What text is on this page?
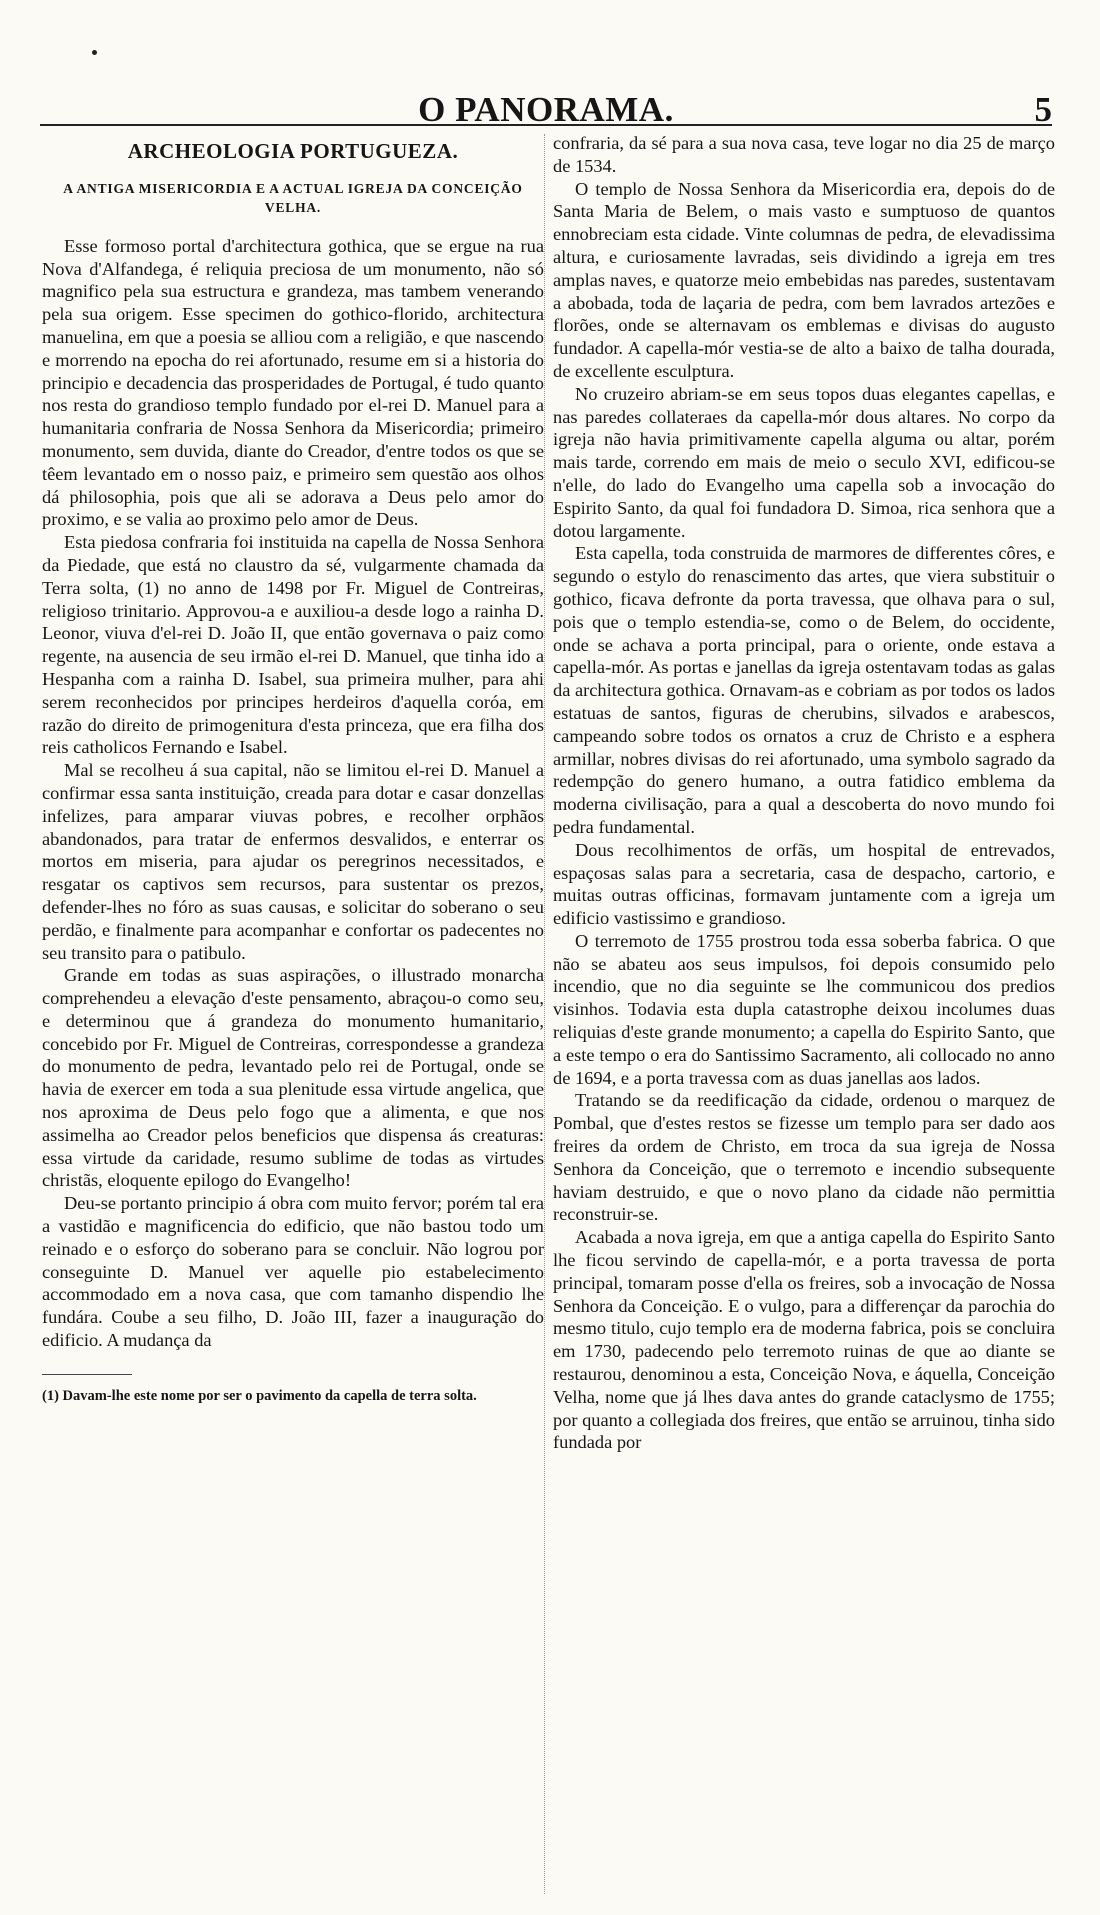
O PANORAMA.	5
ARCHEOLOGIA PORTUGUEZA.
A ANTIGA MISERICORDIA E A ACTUAL IGREJA DA CONCEIÇÃO VELHA.

Esse formoso portal d'architectura gothica, que se ergue na rua Nova d'Alfandega, é reliquia preciosa de um monumento, não só magnifico pela sua estructura e grandeza, mas tambem venerando pela sua origem. Esse specimen do gothico-florido, architectura manuelina, em que a poesia se alliou com a religião, e que nascendo e morrendo na epocha do rei afortunado, resume em si a historia do principio e decadencia das prosperidades de Portugal, é tudo quanto nos resta do grandioso templo fundado por el-rei D. Manuel para a humanitaria confraria de Nossa Senhora da Misericordia; primeiro monumento, sem duvida, diante do Creador, d'entre todos os que se têem levantado em o nosso paiz, e primeiro sem questão aos olhos dá philosophia, pois que ali se adorava a Deus pelo amor do proximo, e se valia ao proximo pelo amor de Deus.

Esta piedosa confraria foi instituida na capella de Nossa Senhora da Piedade, que está no claustro da sé, vulgarmente chamada da Terra solta, (1) no anno de 1498 por Fr. Miguel de Contreiras, religioso trinitario. Approvou-a e auxiliou-a desde logo a rainha D. Leonor, viuva d'el-rei D. João II, que então governava o paiz como regente, na ausencia de seu irmão el-rei D. Manuel, que tinha ido a Hespanha com a rainha D. Isabel, sua primeira mulher, para ahi serem reconhecidos por principes herdeiros d'aquella coróa, em razão do direito de primogenitura d'esta princeza, que era filha dos reis catholicos Fernando e Isabel.

Mal se recolheu á sua capital, não se limitou el-rei D. Manuel a confirmar essa santa instituição, creada para dotar e casar donzellas infelizes, para amparar viuvas pobres, e recolher orphãos abandonados, para tratar de enfermos desvalidos, e enterrar os mortos em miseria, para ajudar os peregrinos necessitados, e resgatar os captivos sem recursos, para sustentar os prezos, defender-lhes no fóro as suas causas, e solicitar do soberano o seu perdão, e finalmente para acompanhar e confortar os padecentes no seu transito para o patibulo.

Grande em todas as suas aspirações, o illustrado monarcha comprehendeu a elevação d'este pensamento, abraçou-o como seu, e determinou que á grandeza do monumento humanitario, concebido por Fr. Miguel de Contreiras, correspondesse a grandeza do monumento de pedra, levantado pelo rei de Portugal, onde se havia de exercer em toda a sua plenitude essa virtude angelica, que nos aproxima de Deus pelo fogo que a alimenta, e que nos assimelha ao Creador pelos beneficios que dispensa ás creaturas: essa virtude da caridade, resumo sublime de todas as virtudes christãs, eloquente epilogo do Evangelho!

Deu-se portanto principio á obra com muito fervor; porém tal era a vastidão e magnificencia do edificio, que não bastou todo um reinado e o esforço do soberano para se concluir. Não logrou por conseguinte D. Manuel ver aquelle pio estabelecimento accommodado em a nova casa, que com tamanho dispendio lhe fundára. Coube a seu filho, D. João III, fazer a inauguração do edificio. A mudança da

(1) Davam-lhe este nome por ser o pavimento da capella de terra solta.

confraria, da sé para a sua nova casa, teve logar no dia 25 de março de 1534.

O templo de Nossa Senhora da Misericordia era, depois do de Santa Maria de Belem, o mais vasto e sumptuoso de quantos ennobreciam esta cidade. Vinte columnas de pedra, de elevadissima altura, e curiosamente lavradas, seis dividindo a igreja em tres amplas naves, e quatorze meio embebidas nas paredes, sustentavam a abobada, toda de laçaria de pedra, com bem lavrados artezões e florões, onde se alternavam os emblemas e divisas do augusto fundador. A capella-mór vestia-se de alto a baixo de talha dourada, de excellente esculptura.

No cruzeiro abriam-se em seus topos duas elegantes capellas, e nas paredes collateraes da capella-mór dous altares. No corpo da igreja não havia primitivamente capella alguma ou altar, porém mais tarde, correndo em mais de meio o seculo XVI, edificou-se n'elle, do lado do Evangelho uma capella sob a invocação do Espirito Santo, da qual foi fundadora D. Simoa, rica senhora que a dotou largamente.

Esta capella, toda construida de marmores de differentes côres, e segundo o estylo do renascimento das artes, que viera substituir o gothico, ficava defronte da porta travessa, que olhava para o sul, pois que o templo estendia-se, como o de Belem, do occidente, onde se achava a porta principal, para o oriente, onde estava a capella-mór. As portas e janellas da igreja ostentavam todas as galas da architectura gothica. Ornavam-as e cobriam as por todos os lados estatuas de santos, figuras de cherubins, silvados e arabescos, campeando sobre todos os ornatos a cruz de Christo e a esphera armillar, nobres divisas do rei afortunado, uma symbolo sagrado da redempção do genero humano, a outra fatidico emblema da moderna civilisação, para a qual a descoberta do novo mundo foi pedra fundamental.

Dous recolhimentos de orfãs, um hospital de entrevados, espaçosas salas para a secretaria, casa de despacho, cartorio, e muitas outras officinas, formavam juntamente com a igreja um edificio vastissimo e grandioso.

O terremoto de 1755 prostrou toda essa soberba fabrica. O que não se abateu aos seus impulsos, foi depois consumido pelo incendio, que no dia seguinte se lhe communicou dos predios visinhos. Todavia esta dupla catastrophe deixou incolumes duas reliquias d'este grande monumento; a capella do Espirito Santo, que a este tempo o era do Santissimo Sacramento, ali collocado no anno de 1694, e a porta travessa com as duas janellas aos lados.

Tratando se da reedificação da cidade, ordenou o marquez de Pombal, que d'estes restos se fizesse um templo para ser dado aos freires da ordem de Christo, em troca da sua igreja de Nossa Senhora da Conceição, que o terremoto e incendio subsequente haviam destruido, e que o novo plano da cidade não permittia reconstruir-se.

Acabada a nova igreja, em que a antiga capella do Espirito Santo lhe ficou servindo de capella-mór, e a porta travessa de porta principal, tomaram posse d'ella os freires, sob a invocação de Nossa Senhora da Conceição. E o vulgo, para a differençar da parochia do mesmo titulo, cujo templo era de moderna fabrica, pois se concluira em 1730, padecendo pelo terremoto ruinas de que ao diante se restaurou, denominou a esta, Conceição Nova, e áquella, Conceição Velha, nome que já lhes dava antes do grande cataclysmo de 1755; por quanto a collegiada dos freires, que então se arruinou, tinha sido fundada por
